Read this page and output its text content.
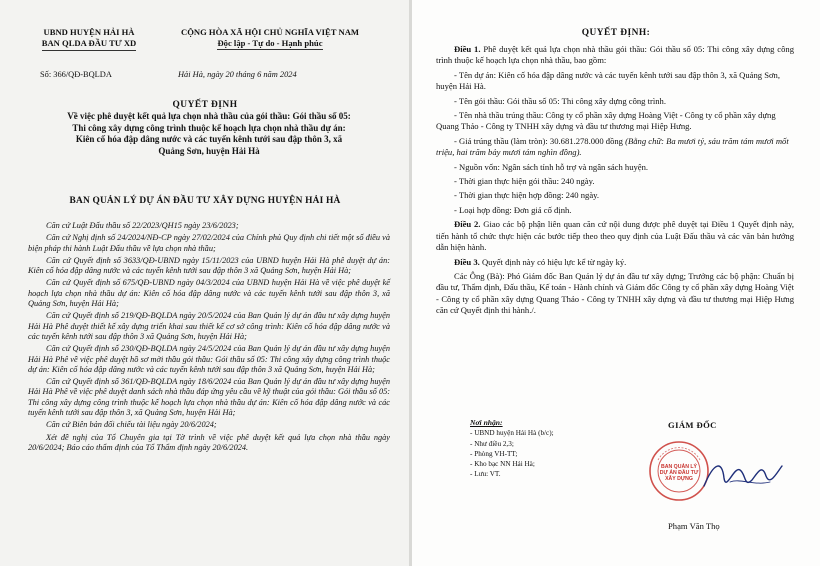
UBND HUYỆN HẢI HÀ
BAN QLDA ĐẦU TƯ XD
CỘNG HÒA XÃ HỘI CHỦ NGHĨA VIỆT NAM
Độc lập - Tự do - Hạnh phúc
Số: 366/QĐ-BQLDA	Hải Hà, ngày 20 tháng 6 năm 2024
QUYẾT ĐỊNH
Về việc phê duyệt kết quả lựa chọn nhà thầu của gói thầu: Gói thầu số 05:
Thi công xây dựng công trình thuộc kế hoạch lựa chọn nhà thầu dự án:
Kiên cố hóa đập dâng nước và các tuyến kênh tưới sau đập thôn 3, xã
Quảng Sơn, huyện Hải Hà
BAN QUẢN LÝ DỰ ÁN ĐẦU TƯ XÂY DỰNG HUYỆN HẢI HÀ

Căn cứ Luật Đấu thầu số 22/2023/QH15 ngày 23/6/2023;

Căn cứ Nghị định số 24/2024/NĐ-CP ngày 27/02/2024 của Chính phủ Quy định chi tiết một số điều và biện pháp thi hành Luật Đấu thầu về lựa chọn nhà thầu;

Căn cứ Quyết định số 3633/QĐ-UBND ngày 15/11/2023 của UBND huyện Hải Hà phê duyệt dự án: Kiên cố hóa đập dâng nước và các tuyến kênh tưới sau đập thôn 3 xã Quảng Sơn, huyện Hải Hà;

Căn cứ Quyết định số 675/QĐ-UBND ngày 04/3/2024 của UBND huyện Hải Hà về việc phê duyệt kế hoạch lựa chọn nhà thầu dự án: Kiên cố hóa đập dâng nước và các tuyến kênh tưới sau đập thôn 3, xã Quảng Sơn, huyện Hải Hà;

Căn cứ Quyết định số 219/QĐ-BQLDA ngày 20/5/2024 của Ban Quản lý dự án đầu tư xây dựng huyện Hải Hà Phê duyệt thiết kế xây dựng triển khai sau thiết kế cơ sở công trình: Kiên cố hóa đập dâng nước và các tuyến kênh tưới sau đập thôn 3 xã Quảng Sơn, huyện Hải Hà;

Căn cứ Quyết định số 230/QĐ-BQLDA ngày 24/5/2024 của Ban Quản lý dự án đầu tư xây dựng huyện Hải Hà Phê về việc phê duyệt hồ sơ mời thầu gói thầu: Gói thầu số 05: Thi công xây dựng công trình thuộc dự án: Kiên cố hóa đập dâng nước và các tuyến kênh tưới sau đập thôn 3 xã Quảng Sơn, huyện Hải Hà;

Căn cứ Quyết định số 361/QĐ-BQLDA ngày 18/6/2024 của Ban Quản lý dự án đầu tư xây dựng huyện Hải Hà Phê về việc phê duyệt danh sách nhà thầu đáp ứng yêu cầu về kỹ thuật của gói thầu: Gói thầu số 05: Thi công xây dựng công trình thuộc kế hoạch lựa chọn nhà thầu dự án: Kiên cố hóa đập dâng nước và các tuyến kênh tưới sau đập thôn 3, xã Quảng Sơn, huyện Hải Hà;

Căn cứ Biên bản đối chiếu tài liệu ngày 20/6/2024;

Xét đề nghị của Tổ Chuyên gia tại Tờ trình về việc phê duyệt kết quả lựa chọn nhà thầu ngày 20/6/2024; Báo cáo thẩm định của Tổ Thẩm định ngày 20/6/2024.

QUYẾT ĐỊNH:

Điều 1. Phê duyệt kết quả lựa chọn nhà thầu gói thầu: Gói thầu số 05: Thi công xây dựng công trình thuộc kế hoạch lựa chọn nhà thầu, bao gồm:

- Tên dự án: Kiên cố hóa đập dâng nước và các tuyến kênh tưới sau đập thôn 3, xã Quảng Sơn, huyện Hải Hà.
- Tên gói thầu: Gói thầu số 05: Thi công xây dựng công trình.
- Tên nhà thầu trúng thầu: Công ty cổ phần xây dựng Hoàng Việt - Công ty cổ phần xây dựng Quang Thảo - Công ty TNHH xây dựng và đầu tư thương mại Hiệp Hưng.
- Giá trúng thầu (làm tròn): 30.681.278.000 đồng (Bằng chữ: Ba mươi tỷ, sáu trăm tám mươi mốt triệu, hai trăm bảy mươi tám nghìn đồng).
- Nguồn vốn: Ngân sách tỉnh hỗ trợ và ngân sách huyện.
- Thời gian thực hiện gói thầu: 240 ngày.
- Thời gian thực hiện hợp đồng: 240 ngày.
- Loại hợp đồng: Đơn giá cố định.

Điều 2. Giao các bộ phận liên quan căn cứ nội dung được phê duyệt tại Điều 1 Quyết định này, tiến hành tổ chức thực hiện các bước tiếp theo theo quy định của Luật Đấu thầu và các văn bản hướng dẫn hiện hành.

Điều 3. Quyết định này có hiệu lực kể từ ngày ký.

Các Ông (Bà): Phó Giám đốc Ban Quản lý dự án đầu tư xây dựng; Trưởng các bộ phận: Chuẩn bị đầu tư, Thẩm định, Đấu thầu, Kế toán - Hành chính và Giám đốc Công ty cổ phần xây dựng Hoàng Việt - Công ty cổ phần xây dựng Quang Thảo - Công ty TNHH xây dựng và đầu tư thương mại Hiệp Hưng căn cứ Quyết định thi hành./.

Nơi nhận:
- UBND huyện Hải Hà (b/c);
- Như điều 2,3;
- Phòng VH-TT;
- Kho bạc NN Hải Hà;
- Lưu: VT.
GIÁM ĐỐC
BAN QUẢN LÝ
DỰ ÁN ĐẦU TƯ
XÂY DỰNG
Phạm Văn Thọ
